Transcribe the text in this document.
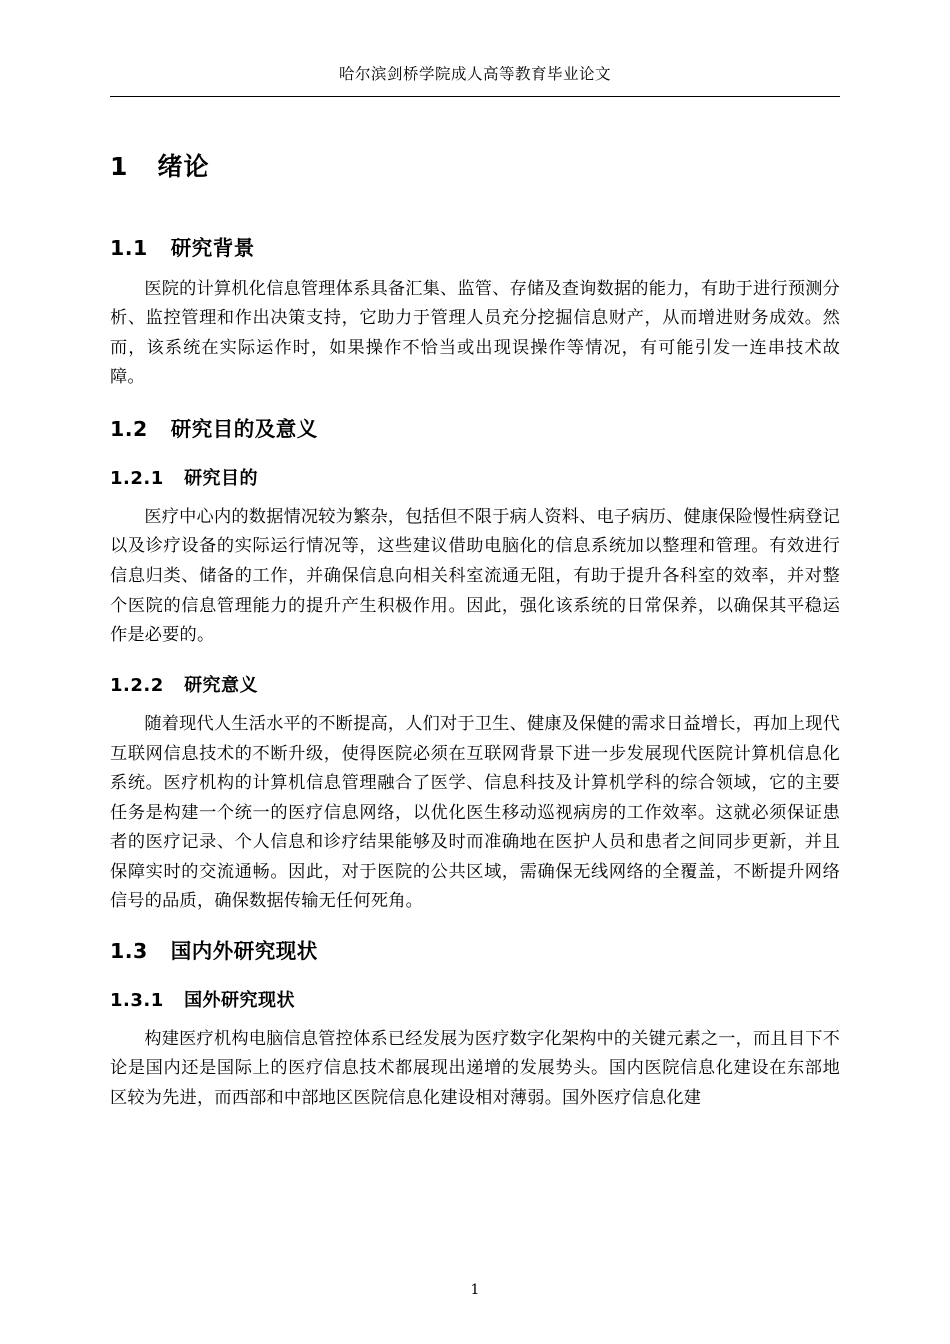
哈尔滨剑桥学院成人高等教育毕业论文
1 绪论
1.1 研究背景

医院的计算机化信息管理体系具备汇集、监管、存储及查询数据的能力，有助于进行预测分析、监控管理和作出决策支持，它助力于管理人员充分挖掘信息财产，从而增进财务成效。然而，该系统在实际运作时，如果操作不恰当或出现误操作等情况，有可能引发一连串技术故障。

1.2 研究目的及意义
1.2.1 研究目的

医疗中心内的数据情况较为繁杂，包括但不限于病人资料、电子病历、健康保险慢性病登记以及诊疗设备的实际运行情况等，这些建议借助电脑化的信息系统加以整理和管理。有效进行信息归类、储备的工作，并确保信息向相关科室流通无阻，有助于提升各科室的效率，并对整个医院的信息管理能力的提升产生积极作用。因此，强化该系统的日常保养，以确保其平稳运作是必要的。

1.2.2 研究意义

随着现代人生活水平的不断提高，人们对于卫生、健康及保健的需求日益增长，再加上现代互联网信息技术的不断升级，使得医院必须在互联网背景下进一步发展现代医院计算机信息化系统。医疗机构的计算机信息管理融合了医学、信息科技及计算机学科的综合领域，它的主要任务是构建一个统一的医疗信息网络，以优化医生移动巡视病房的工作效率。这就必须保证患者的医疗记录、个人信息和诊疗结果能够及时而准确地在医护人员和患者之间同步更新，并且保障实时的交流通畅。因此，对于医院的公共区域，需确保无线网络的全覆盖，不断提升网络信号的品质，确保数据传输无任何死角。

1.3 国内外研究现状
1.3.1 国外研究现状

构建医疗机构电脑信息管控体系已经发展为医疗数字化架构中的关键元素之一，而且目下不论是国内还是国际上的医疗信息技术都展现出递增的发展势头。国内医院信息化建设在东部地区较为先进，而西部和中部地区医院信息化建设相对薄弱。国外医疗信息化建

1
